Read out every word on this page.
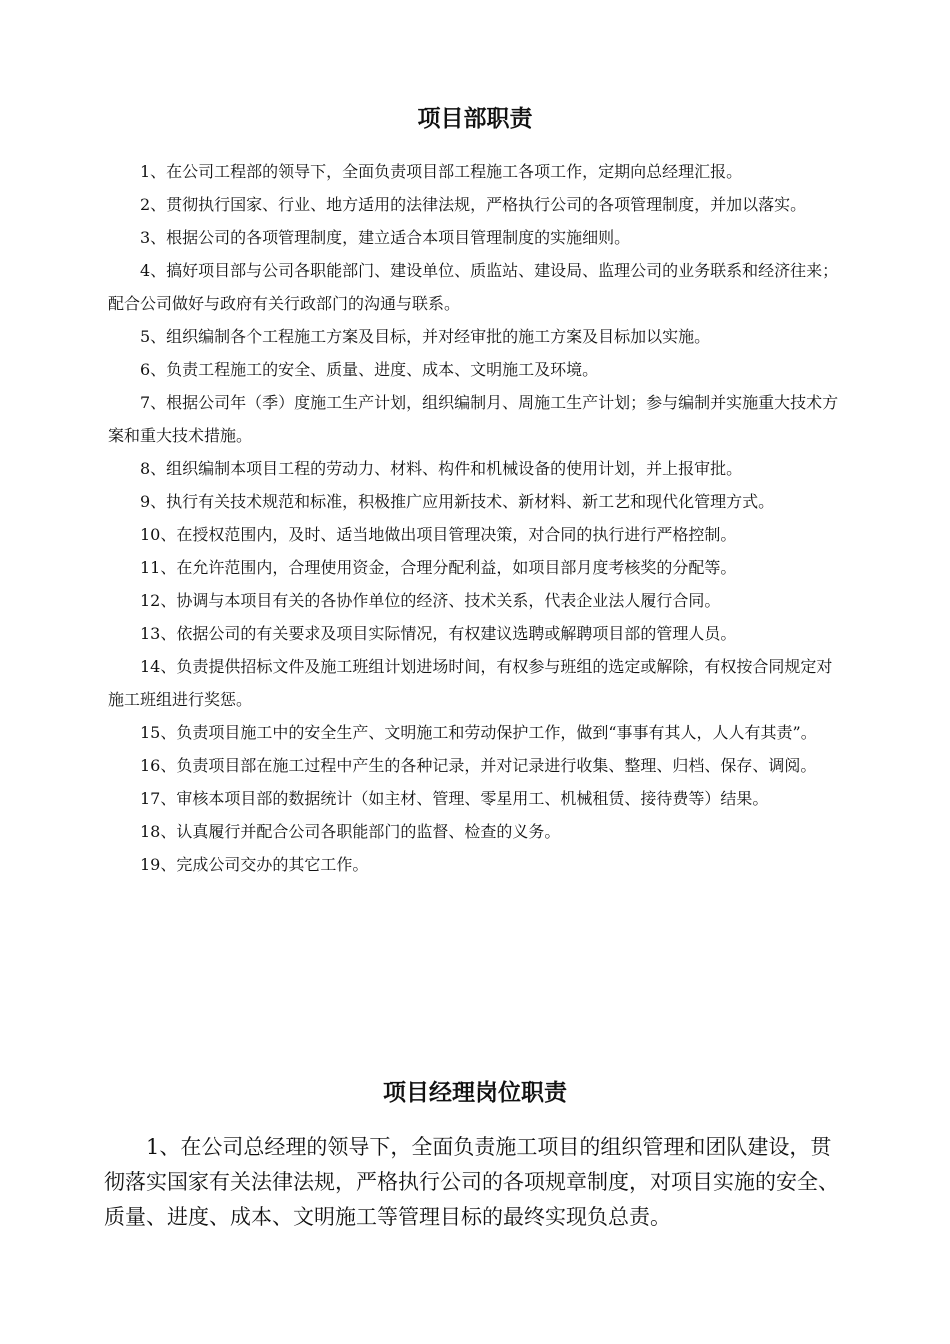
项目部职责

1、在公司工程部的领导下，全面负责项目部工程施工各项工作，定期向总经理汇报。

2、贯彻执行国家、行业、地方适用的法律法规，严格执行公司的各项管理制度，并加以落实。

3、根据公司的各项管理制度，建立适合本项目管理制度的实施细则。

4、搞好项目部与公司各职能部门、建设单位、质监站、建设局、监理公司的业务联系和经济往来；配合公司做好与政府有关行政部门的沟通与联系。

5、组织编制各个工程施工方案及目标，并对经审批的施工方案及目标加以实施。

6、负责工程施工的安全、质量、进度、成本、文明施工及环境。

7、根据公司年（季）度施工生产计划，组织编制月、周施工生产计划；参与编制并实施重大技术方案和重大技术措施。

8、组织编制本项目工程的劳动力、材料、构件和机械设备的使用计划，并上报审批。

9、执行有关技术规范和标准，积极推广应用新技术、新材料、新工艺和现代化管理方式。

10、在授权范围内，及时、适当地做出项目管理决策，对合同的执行进行严格控制。

11、在允许范围内，合理使用资金，合理分配利益，如项目部月度考核奖的分配等。

12、协调与本项目有关的各协作单位的经济、技术关系，代表企业法人履行合同。

13、依据公司的有关要求及项目实际情况，有权建议选聘或解聘项目部的管理人员。

14、负责提供招标文件及施工班组计划进场时间，有权参与班组的选定或解除，有权按合同规定对施工班组进行奖惩。

15、负责项目施工中的安全生产、文明施工和劳动保护工作，做到“事事有其人，人人有其责”。

16、负责项目部在施工过程中产生的各种记录，并对记录进行收集、整理、归档、保存、调阅。

17、审核本项目部的数据统计（如主材、管理、零星用工、机械租赁、接待费等）结果。

18、认真履行并配合公司各职能部门的监督、检查的义务。

19、完成公司交办的其它工作。

项目经理岗位职责

1、在公司总经理的领导下，全面负责施工项目的组织管理和团队建设，贯彻落实国家有关法律法规，严格执行公司的各项规章制度，对项目实施的安全、质量、进度、成本、文明施工等管理目标的最终实现负总责。
